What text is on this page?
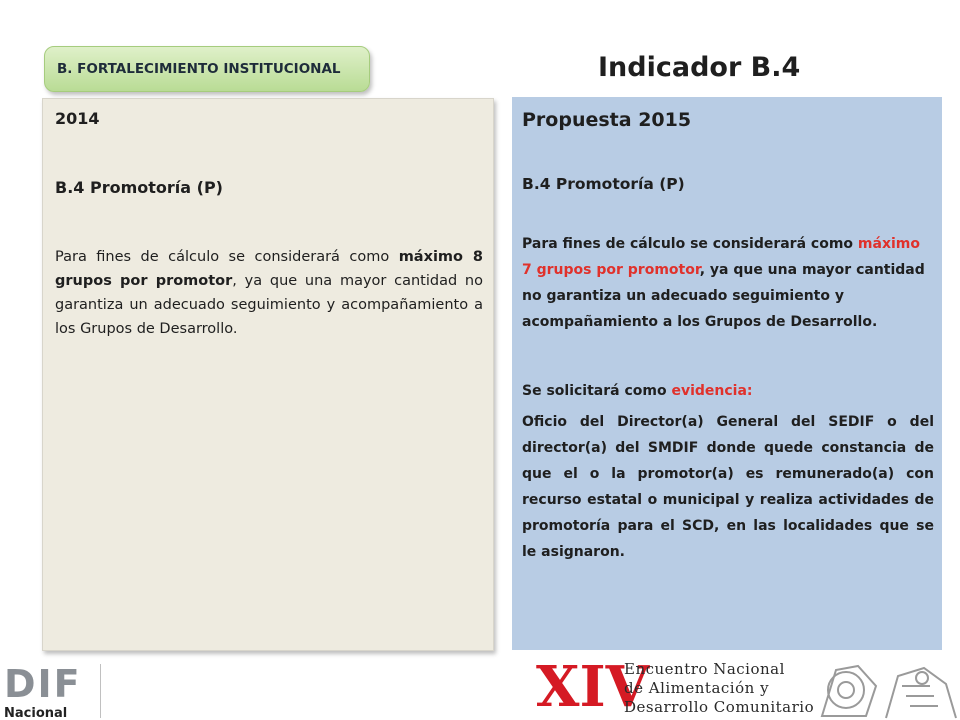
B. FORTALECIMIENTO INSTITUCIONAL	Indicador B.4
2014
B.4 Promotoría (P)
Para fines de cálculo se considerará como máximo 8 grupos por promotor, ya que una mayor cantidad no garantiza un adecuado seguimiento y acompañamiento a los Grupos de Desarrollo.
Propuesta 2015
B.4 Promotoría (P)
Para fines de cálculo se considerará como máximo 7 grupos por promotor, ya que una mayor cantidad no garantiza un adecuado seguimiento y acompañamiento a los Grupos de Desarrollo.
Se solicitará como evidencia:
Oficio del Director(a) General del SEDIF o del director(a) del SMDIF donde quede constancia de que el o la promotor(a) es remunerado(a) con recurso estatal o municipal y realiza actividades de promotoría para el SCD, en las localidades que se le asignaron.
DIF
Nacional	XIV
Encuentro Nacional
de Alimentación y
Desarrollo Comunitario
